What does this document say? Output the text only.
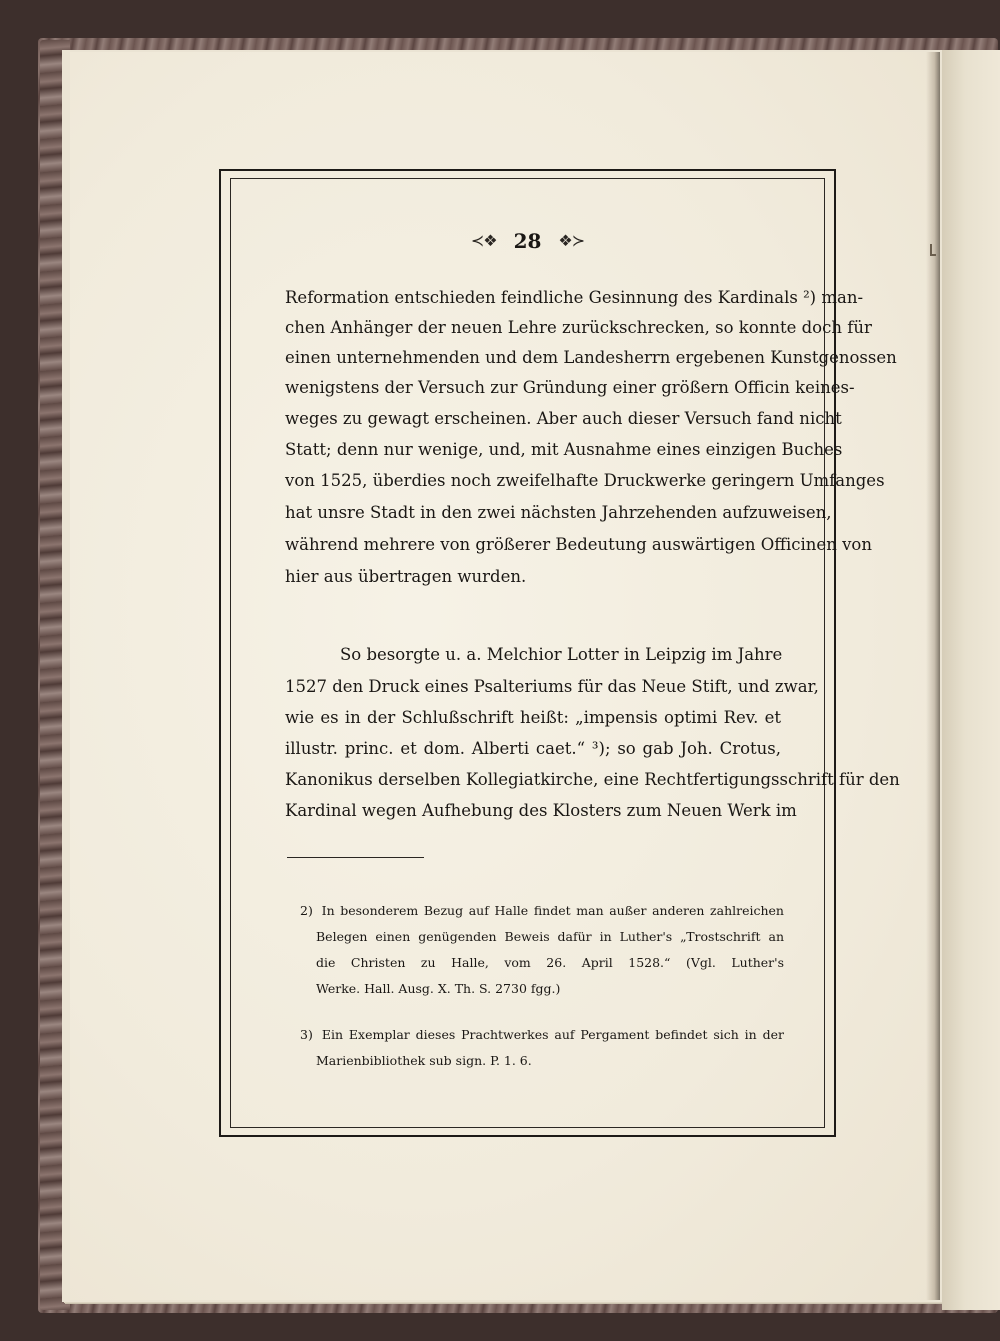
≺❖ 28 ❖≻
Reformation entschieden feindliche Gesinnung des Kardinals ²) man-
chen Anhänger der neuen Lehre zurückschrecken, so konnte doch für
einen unternehmenden und dem Landesherrn ergebenen Kunstgenossen
wenigstens der Versuch zur Gründung einer größern Officin keines-
weges zu gewagt erscheinen. Aber auch dieser Versuch fand nicht
Statt; denn nur wenige, und, mit Ausnahme eines einzigen Buches
von 1525, überdies noch zweifelhafte Druckwerke geringern Umfanges
hat unsre Stadt in den zwei nächsten Jahrzehenden aufzuweisen,
während mehrere von größerer Bedeutung auswärtigen Officinen von
hier aus übertragen wurden.
So besorgte u. a. Melchior Lotter in Leipzig im Jahre
1527 den Druck eines Psalteriums für das Neue Stift, und zwar,
wie es in der Schlußschrift heißt: „impensis optimi Rev. et
illustr. princ. et dom. Alberti caet.“ ³); so gab Joh. Crotus,
Kanonikus derselben Kollegiatkirche, eine Rechtfertigungsschrift für den
Kardinal wegen Aufhebung des Klosters zum Neuen Werk im
2) In besonderem Bezug auf Halle findet man außer anderen zahlreichen
Belegen einen genügenden Beweis dafür in Luther's „Trostschrift an
die Christen zu Halle, vom 26. April 1528.“ (Vgl. Luther's
Werke. Hall. Ausg. X. Th. S. 2730 fgg.)
3) Ein Exemplar dieses Prachtwerkes auf Pergament befindet sich in der
Marienbibliothek sub sign. P. 1. 6.
